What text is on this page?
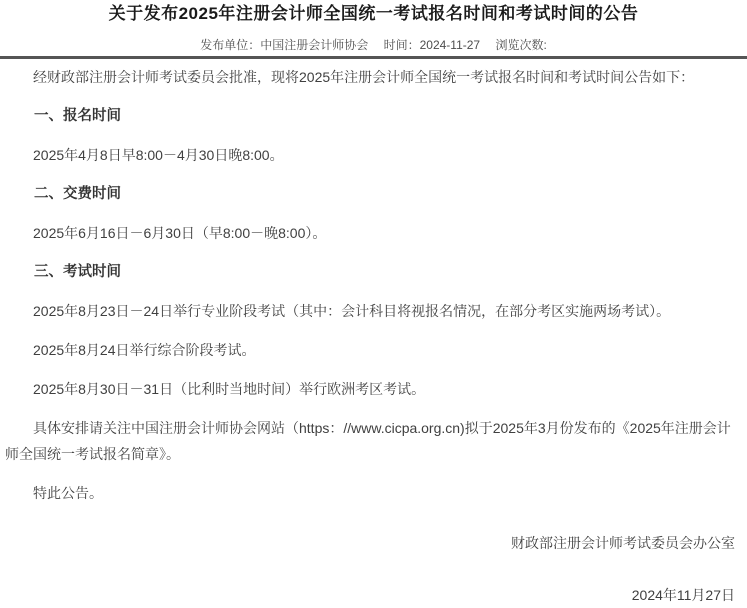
关于发布2025年注册会计师全国统一考试报名时间和考试时间的公告
发布单位：中国注册会计师协会 时间：2024-11-27 浏览次数:

经财政部注册会计师考试委员会批准，现将2025年注册会计师全国统一考试报名时间和考试时间公告如下：

一、报名时间

2025年4月8日早8:00－4月30日晚8:00。

二、交费时间

2025年6月16日－6月30日（早8:00－晚8:00）。

三、考试时间

2025年8月23日－24日举行专业阶段考试（其中：会计科目将视报名情况，在部分考区实施两场考试）。

2025年8月24日举行综合阶段考试。

2025年8月30日－31日（比利时当地时间）举行欧洲考区考试。

具体安排请关注中国注册会计师协会网站（https：//www.cicpa.org.cn)拟于2025年3月份发布的《2025年注册会计师全国统一考试报名简章》。

特此公告。

财政部注册会计师考试委员会办公室

2024年11月27日
